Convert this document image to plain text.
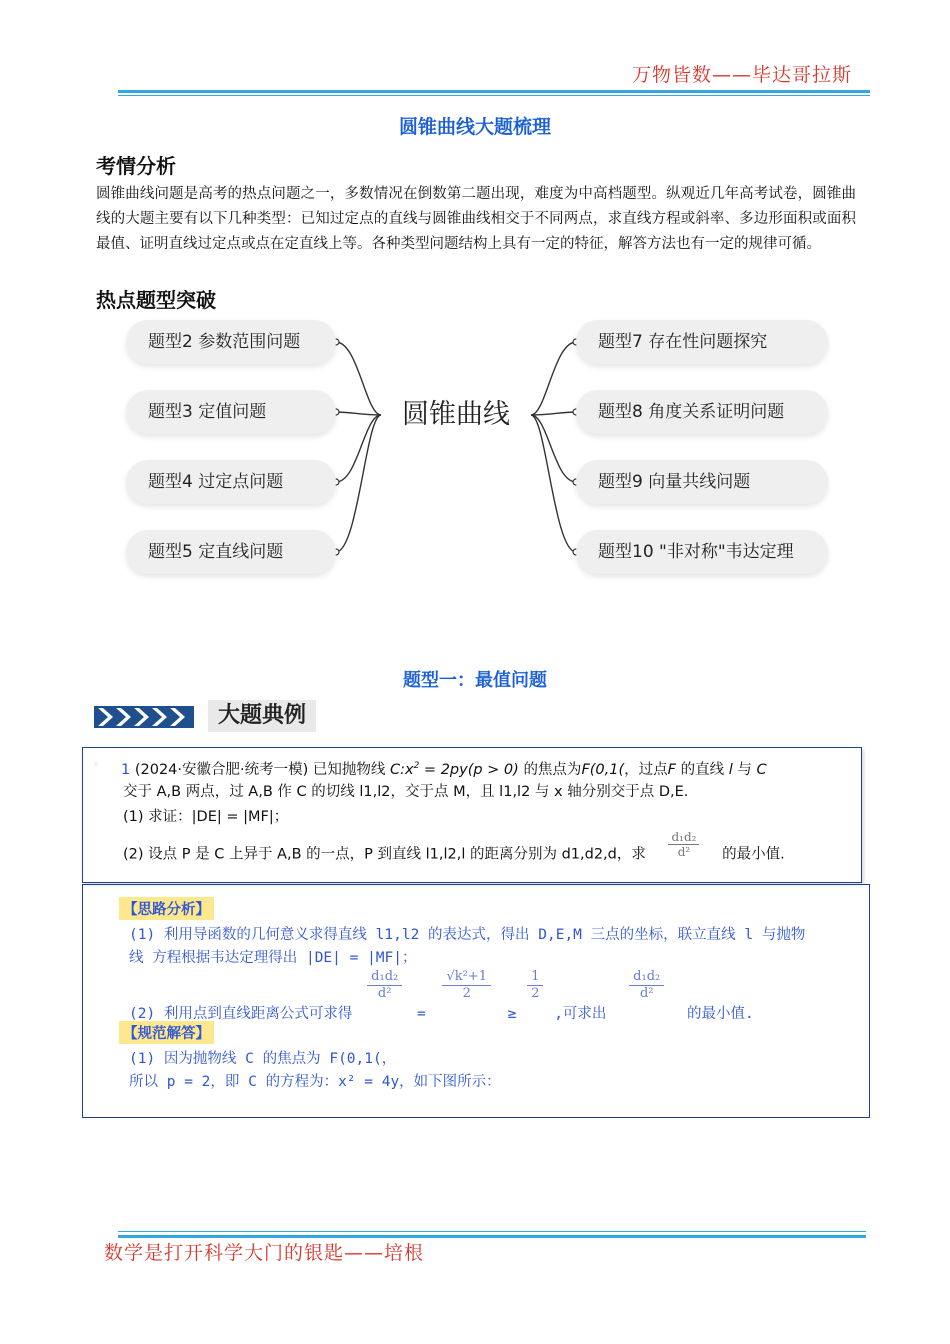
万物皆数——毕达哥拉斯
圆锥曲线大题梳理
考情分析
圆锥曲线问题是高考的热点问题之一，多数情况在倒数第二题出现，难度为中高档题型。纵观近几年高考试卷，圆锥曲线的大题主要有以下几种类型：已知过定点的直线与圆锥曲线相交于不同两点，求直线方程或斜率、多边形面积或面积最值、证明直线过定点或点在定直线上等。各种类型问题结构上具有一定的特征，解答方法也有一定的规律可循。
热点题型突破
圆锥曲线
题型2 参数范围问题
题型3 定值问题
题型4 过定点问题
题型5 定直线问题
题型7 存在性问题探究
题型8 角度关系证明问题
题型9 向量共线问题
题型10 "非对称"韦达定理
题型一：最值问题
大题典例
◦ 1 (2024·安徽合肥·统考一模) 已知抛物线 $C:x^2 = 2py(p > 0)$ 的焦点为F(0,1(，过点F 的直线 l 与 C
交于 A,B 两点，过 A,B 作 C 的切线 l1,l2，交于点 M，且 l1,l2 与 x 轴分别交于点 D,E.
(1) 求证：|DE| = |MF|；
(2) 设点 P 是 C 上异于 A,B 的一点，P 到直线 l1,l2,l 的距离分别为 d1,d2,d，求 $\frac{\text{d₁d₂}}{\text{d²}}$ 的最小值.
【思路分析】
(1) 利用导函数的几何意义求得直线 l1,l2 的表达式，得出 D,E,M 三点的坐标，联立直线 l 与抛物
线 方程根据韦达定理得出 |DE| = |MF|；
(2) 利用点到直线距离公式可求得
$\frac{\text{d₁d₂}}{\text{d²}}$
=
$\frac{\text{√k²+1}}{2}$
≥
$\frac{1}{2}$
,可求出
$\frac{\text{d₁d₂}}{\text{d²}}$
的最小值.
【规范解答】
(1) 因为抛物线 C 的焦点为 F(0,1(，
所以 p = 2，即 C 的方程为：x² = 4y，如下图所示：
数学是打开科学大门的银匙——培根
